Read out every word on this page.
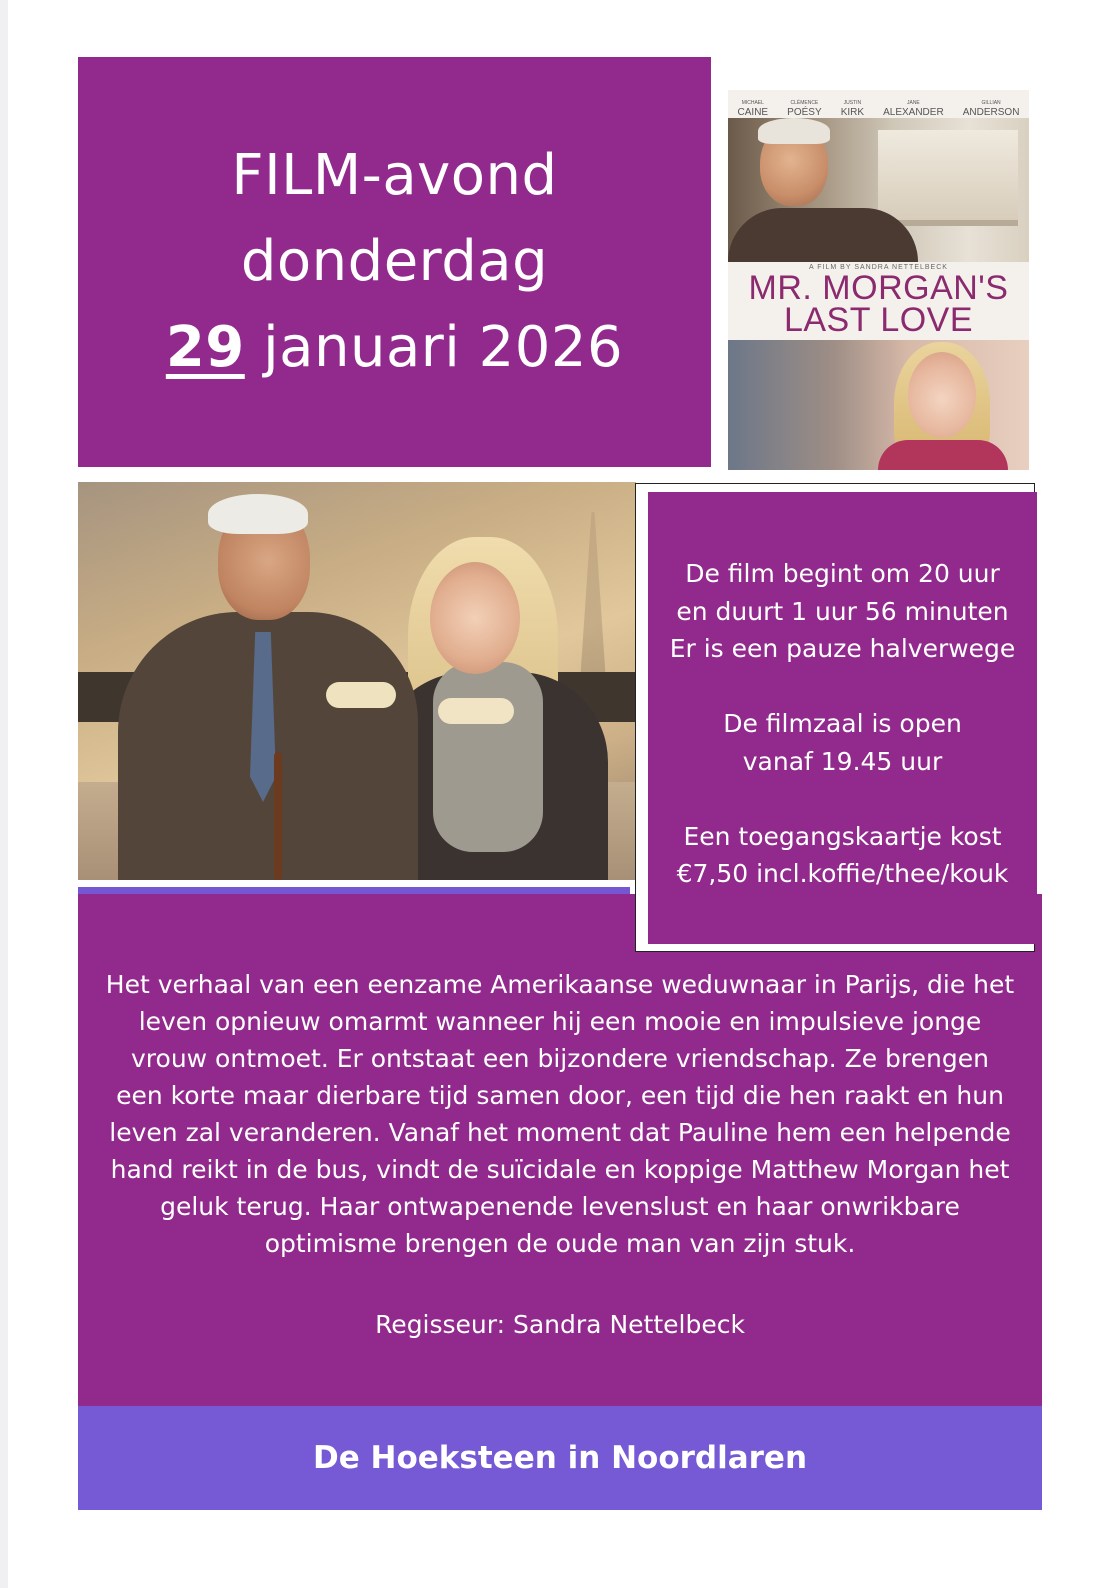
FILM-avond
donderdag
29 januari 2026
MICHAEL
CAINE
CLÉMENCE
POÉSY
JUSTIN
KIRK
JANE
ALEXANDER
GILLIAN
ANDERSON
A FILM BY SANDRA NETTELBECK
MR. MORGAN'S
LAST LOVE
Het verhaal van een eenzame Amerikaanse weduwnaar in Parijs, die het
leven opnieuw omarmt wanneer hij een mooie en impulsieve jonge
vrouw ontmoet. Er ontstaat een bijzondere vriendschap. Ze brengen
een korte maar dierbare tijd samen door, een tijd die hen raakt en hun
leven zal veranderen. Vanaf het moment dat Pauline hem een helpende
hand reikt in de bus, vindt de suïcidale en koppige Matthew Morgan het
geluk terug. Haar ontwapenende levenslust en haar onwrikbare
optimisme brengen de oude man van zijn stuk.
Regisseur: Sandra Nettelbeck
De film begint om 20 uur
en duurt 1 uur 56 minuten
Er is een pauze halverwege
De filmzaal is open
vanaf 19.45 uur
Een toegangskaartje kost
€7,50 incl.koffie/thee/kouk
De Hoeksteen in Noordlaren
